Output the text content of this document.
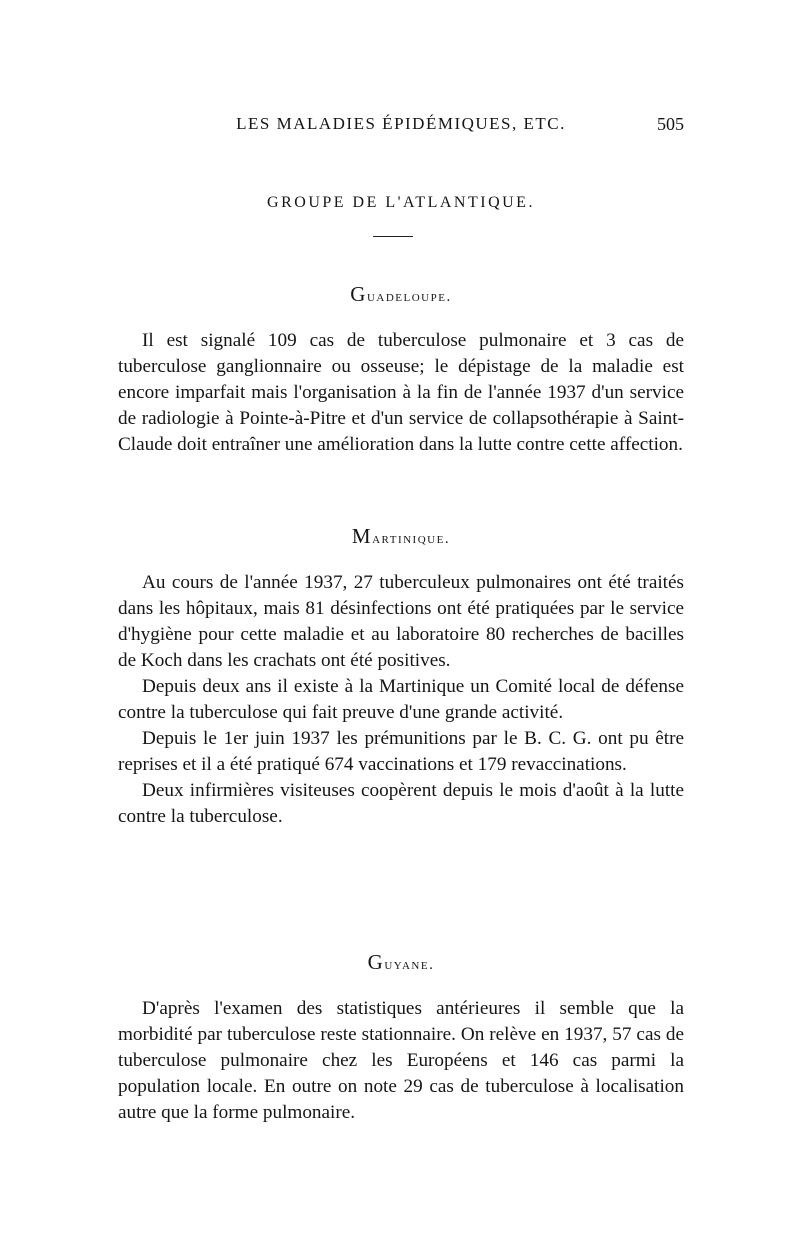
LES MALADIES ÉPIDÉMIQUES, ETC.	505
GROUPE DE L'ATLANTIQUE.
Guadeloupe.

Il est signalé 109 cas de tuberculose pulmonaire et 3 cas de tuberculose ganglionnaire ou osseuse; le dépistage de la maladie est encore imparfait mais l'organisation à la fin de l'année 1937 d'un service de radiologie à Pointe-à-Pitre et d'un service de collapsothérapie à Saint-Claude doit entraîner une amélioration dans la lutte contre cette affection.

Martinique.

Au cours de l'année 1937, 27 tuberculeux pulmonaires ont été traités dans les hôpitaux, mais 81 désinfections ont été pratiquées par le service d'hygiène pour cette maladie et au laboratoire 80 recherches de bacilles de Koch dans les crachats ont été positives.

Depuis deux ans il existe à la Martinique un Comité local de défense contre la tuberculose qui fait preuve d'une grande activité.

Depuis le 1er juin 1937 les prémunitions par le B. C. G. ont pu être reprises et il a été pratiqué 674 vaccinations et 179 revaccinations.

Deux infirmières visiteuses coopèrent depuis le mois d'août à la lutte contre la tuberculose.

Guyane.

D'après l'examen des statistiques antérieures il semble que la morbidité par tuberculose reste stationnaire. On relève en 1937, 57 cas de tuberculose pulmonaire chez les Européens et 146 cas parmi la population locale. En outre on note 29 cas de tuberculose à localisation autre que la forme pulmonaire.
